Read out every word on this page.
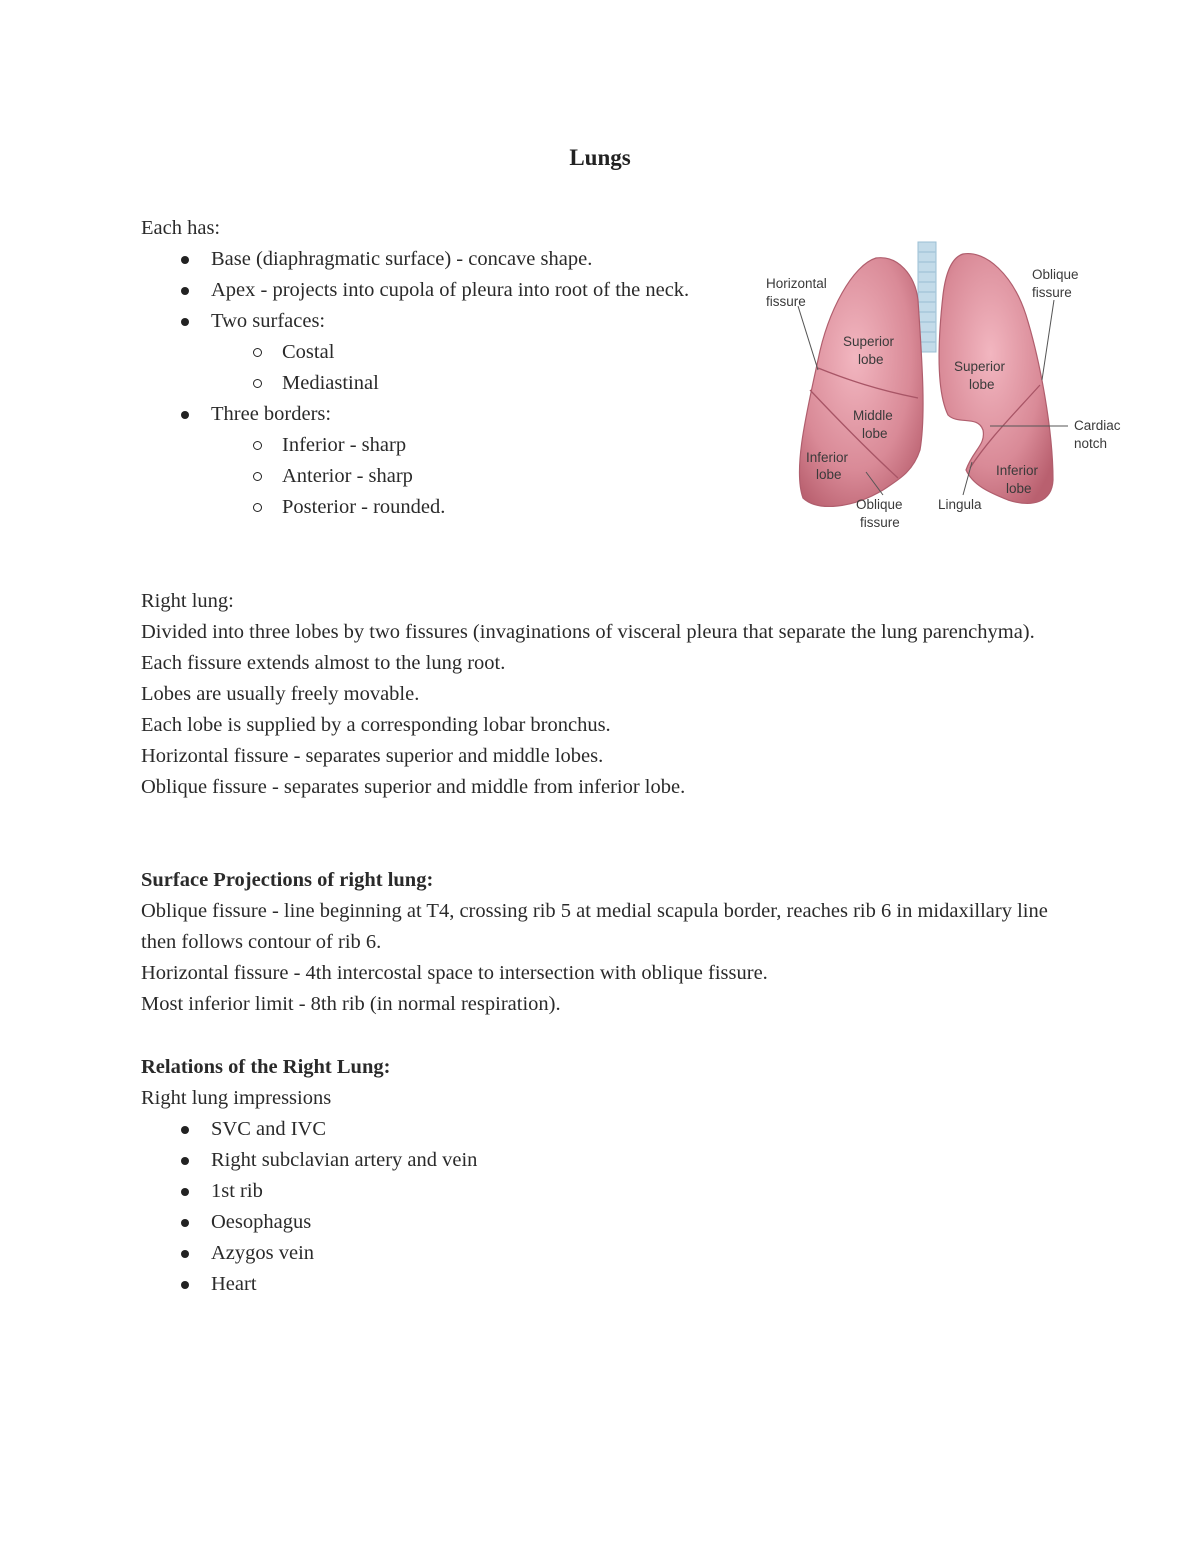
Lungs

Each has:

Base (diaphragmatic surface) - concave shape.
Apex - projects into cupola of pleura into root of the neck.
Two surfaces:
Costal
Mediastinal
Three borders:
Inferior - sharp
Anterior - sharp
Posterior - rounded.
Horizontal fissure
Oblique fissure
Superior lobe	Superior lobe
Middle lobe
Inferior lobe	Inferior lobe
Cardiac notch
Oblique fissure
Lingula

Right lung:

Divided into three lobes by two fissures (invaginations of visceral pleura that separate the lung parenchyma).

Each fissure extends almost to the lung root.

Lobes are usually freely movable.

Each lobe is supplied by a corresponding lobar bronchus.

Horizontal fissure - separates superior and middle lobes.

Oblique fissure - separates superior and middle from inferior lobe.

Surface Projections of right lung:

Oblique fissure - line beginning at T4, crossing rib 5 at medial scapula border, reaches rib 6 in midaxillary line then follows contour of rib 6.

Horizontal fissure - 4th intercostal space to intersection with oblique fissure.

Most inferior limit - 8th rib (in normal respiration).

Relations of the Right Lung:

Right lung impressions

SVC and IVC
Right subclavian artery and vein
1st rib
Oesophagus
Azygos vein
Heart
